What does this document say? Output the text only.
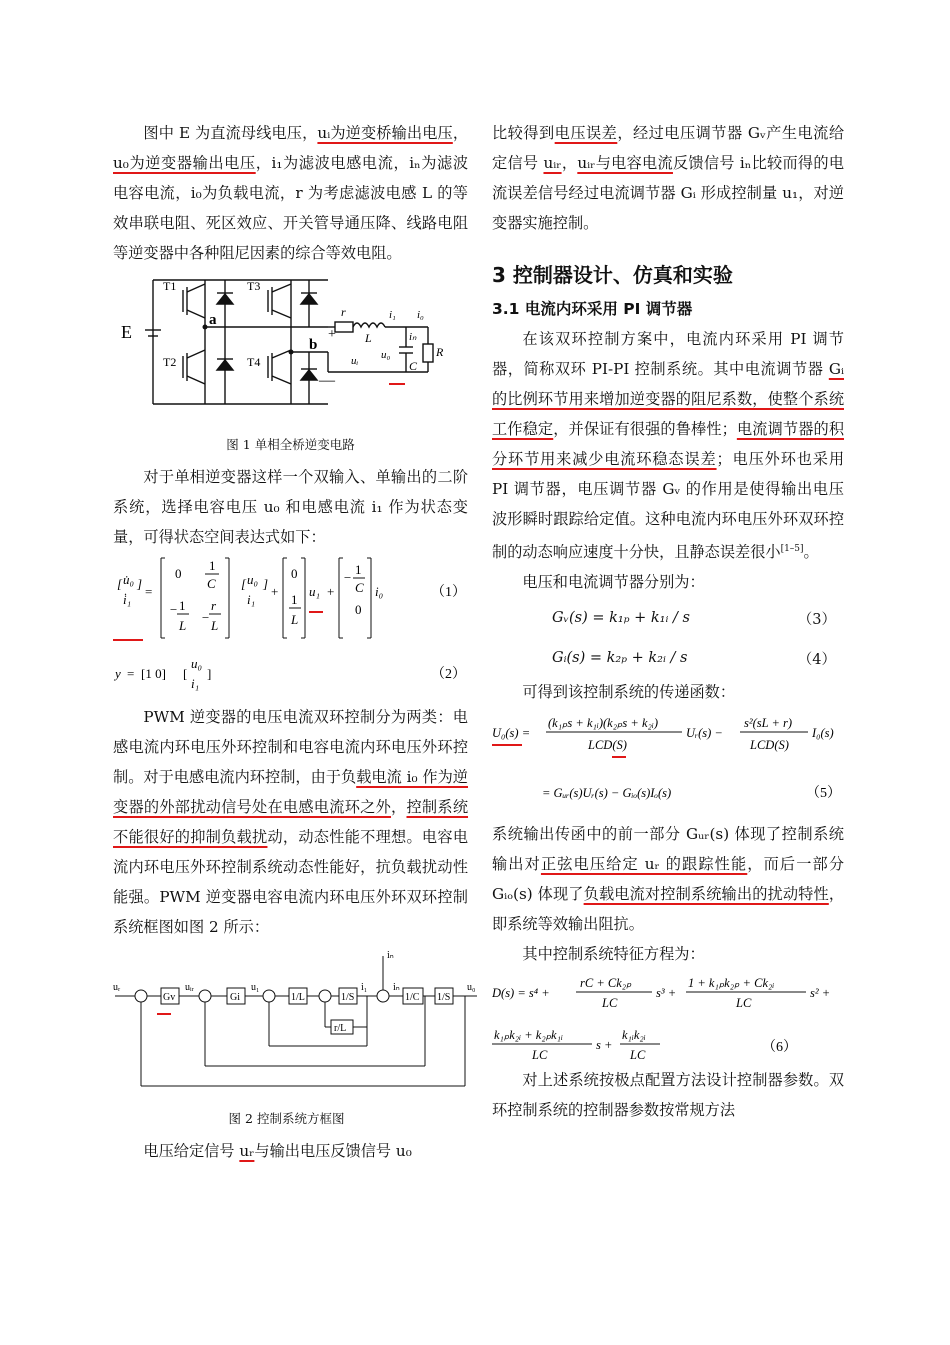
图中 E 为直流母线电压，uᵢ为逆变桥输出电压，u₀为逆变器输出电压，i₁为滤波电感电流，iₙ为滤波电容电流，i₀为负载电流，r 为考虑滤波电感 L 的等效串联电阻、死区效应、开关管导通压降、线路电阻等逆变器中各种阻尼因素的综合等效电阻。

E
T1
T2
T3
T4
a
b
r
L
C
R
uᵢ u₀
i₁
iₙ
i₀
+
—
图 1 单相全桥逆变电路

对于单相逆变器这样一个双输入、单输出的二阶系统，选择电容电压 u₀ 和电感电流 i₁ 作为状态变量，可得状态空间表达式如下：

[ u̇₀
i̇₁
]
=
0
1
C
− 1
L
−
r
L
[ u₀
i₁
]
+
0
1
L
u₁ +
−
1
C
0
i₀	（1）
y = [1 0] [
u₀
i₁
]	（2）

PWM 逆变器的电压电流双环控制分为两类：电感电流内环电压外环控制和电容电流内环电压外环控制。对于电感电流内环控制，由于负载电流 i₀ 作为逆变器的外部扰动信号处在电感电流环之外，控制系统不能很好的抑制负载扰动，动态性能不理想。电容电流内环电压外环控制系统动态性能好，抗负载扰动性能强。PWM 逆变器电容电流内环电压外环双环控制系统框图如图 2 所示：

uᵣ
Gv
uᵢᵣ
Gi
u₁
1/L	1/S
i₁	iₙ
1/C 1/S
u₀
r/L
iₙ
图 2 控制系统方框图

电压给定信号 uᵣ与输出电压反馈信号 u₀

比较得到电压误差，经过电压调节器 Gᵥ产生电流给定信号 uᵢᵣ，uᵢᵣ与电容电流反馈信号 iₙ比较而得的电流误差信号经过电流调节器 Gᵢ 形成控制量 u₁，对逆变器实施控制。

3 控制器设计、仿真和实验
3.1 电流内环采用 PI 调节器

在该双环控制方案中，电流内环采用 PI 调节器，简称双环 PI-PI 控制系统。其中电流调节器 Gᵢ 的比例环节用来增加逆变器的阻尼系数，使整个系统工作稳定，并保证有很强的鲁棒性；电流调节器的积分环节用来减少电流环稳态误差；电压外环也采用 PI 调节器，电压调节器 Gᵥ 的作用是使得输出电压波形瞬时跟踪给定值。这种电流内环电压外环双环控制的动态响应速度十分快，且静态误差很小[1–5]。

电压和电流调节器分别为：

Gᵥ(s) = k₁ₚ + k₁ᵢ / s	（3）
Gᵢ(s) = k₂ₚ + k₂ᵢ / s	（4）

可得到该控制系统的传递函数：

U₀(s) =
(k₁ₚs + k₁ᵢ)(k₂ₚs + k₂ᵢ)
LCD(S)
Uᵣ(s) −
s²(sL + r)
LCD(S)
I₀(s)
= Gᵤᵣ(s)Uᵣ(s) − Gᵢₒ(s)Iₒ(s)	（5）

系统输出传函中的前一部分 Gᵤᵣ(s) 体现了控制系统输出对正弦电压给定 uᵣ 的跟踪性能，而后一部分 Gᵢₒ(s) 体现了负载电流对控制系统输出的扰动特性，即系统等效输出阻抗。

其中控制系统特征方程为：

D(s) = s⁴ +
rC + Ck₂ₚ
LC
s³ +
1 + k₁ₚk₂ₚ + Ck₂ᵢ
LC
s² +
k₁ₚk₂ᵢ + k₂ₚk₁ᵢ
LC
s +
k₁ᵢk₂ᵢ
LC	（6）

对上述系统按极点配置方法设计控制器参数。双环控制系统的控制器参数按常规方法
